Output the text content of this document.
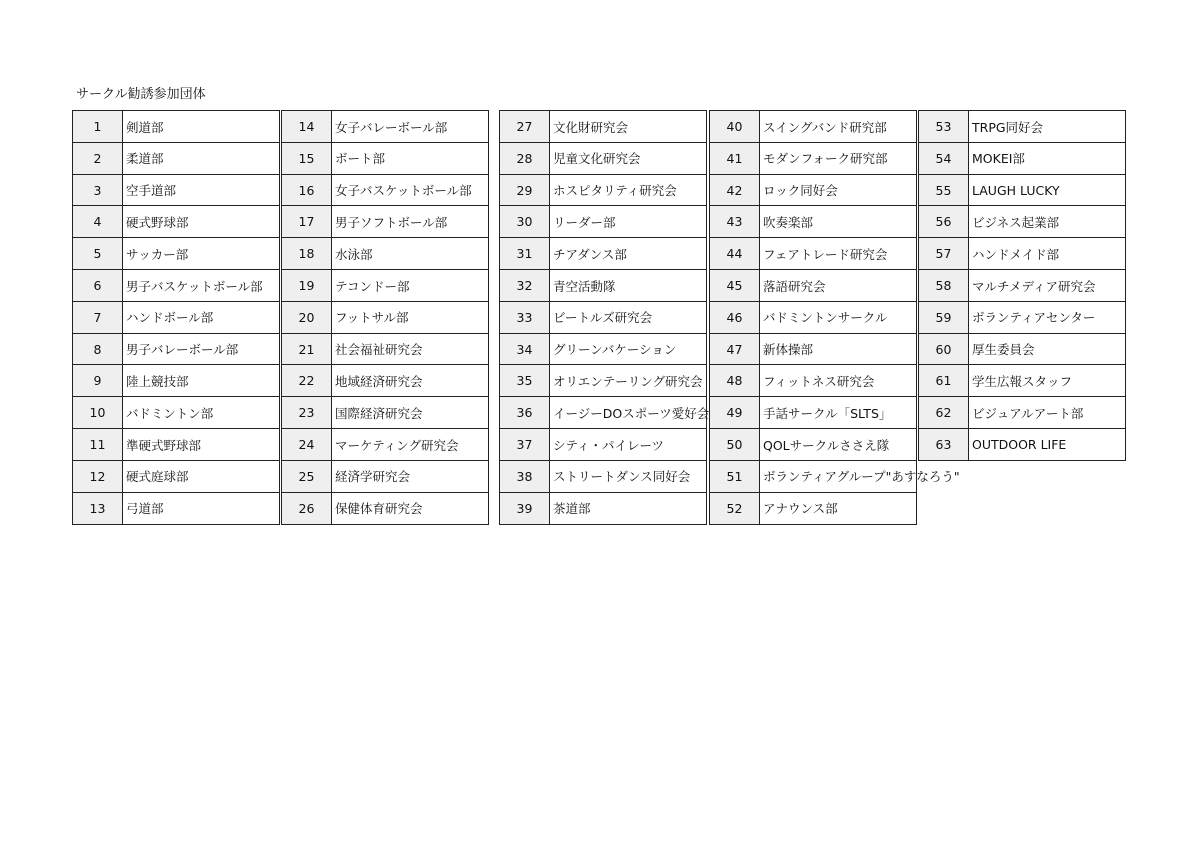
サークル勧誘参加団体
1	剣道部
2	柔道部
3	空手道部
4	硬式野球部
5	サッカー部
6	男子バスケットボール部
7	ハンドボール部
8	男子バレーボール部
9	陸上競技部
10	バドミントン部
11	準硬式野球部
12	硬式庭球部
13	弓道部
14	女子バレーボール部
15	ボート部
16	女子バスケットボール部
17	男子ソフトボール部
18	水泳部
19	テコンドー部
20	フットサル部
21	社会福祉研究会
22	地域経済研究会
23	国際経済研究会
24	マーケティング研究会
25	経済学研究会
26	保健体育研究会
27	文化財研究会
28	児童文化研究会
29	ホスピタリティ研究会
30	リーダー部
31	チアダンス部
32	青空活動隊
33	ビートルズ研究会
34	グリーンバケーション
35	オリエンテーリング研究会
36	イージーDOスポーツ愛好会
37	シティ・パイレーツ
38	ストリートダンス同好会
39	茶道部
40	スイングバンド研究部
41	モダンフォーク研究部
42	ロック同好会
43	吹奏楽部
44	フェアトレード研究会
45	落語研究会
46	バドミントンサークル
47	新体操部
48	フィットネス研究会
49	手話サークル「SLTS」
50	QOLサークルささえ隊
51	ボランティアグループ"あすなろう"
52	アナウンス部
53	TRPG同好会
54	MOKEI部
55	LAUGH LUCKY
56	ビジネス起業部
57	ハンドメイド部
58	マルチメディア研究会
59	ボランティアセンター
60	厚生委員会
61	学生広報スタッフ
62	ビジュアルアート部
63	OUTDOOR LIFE
